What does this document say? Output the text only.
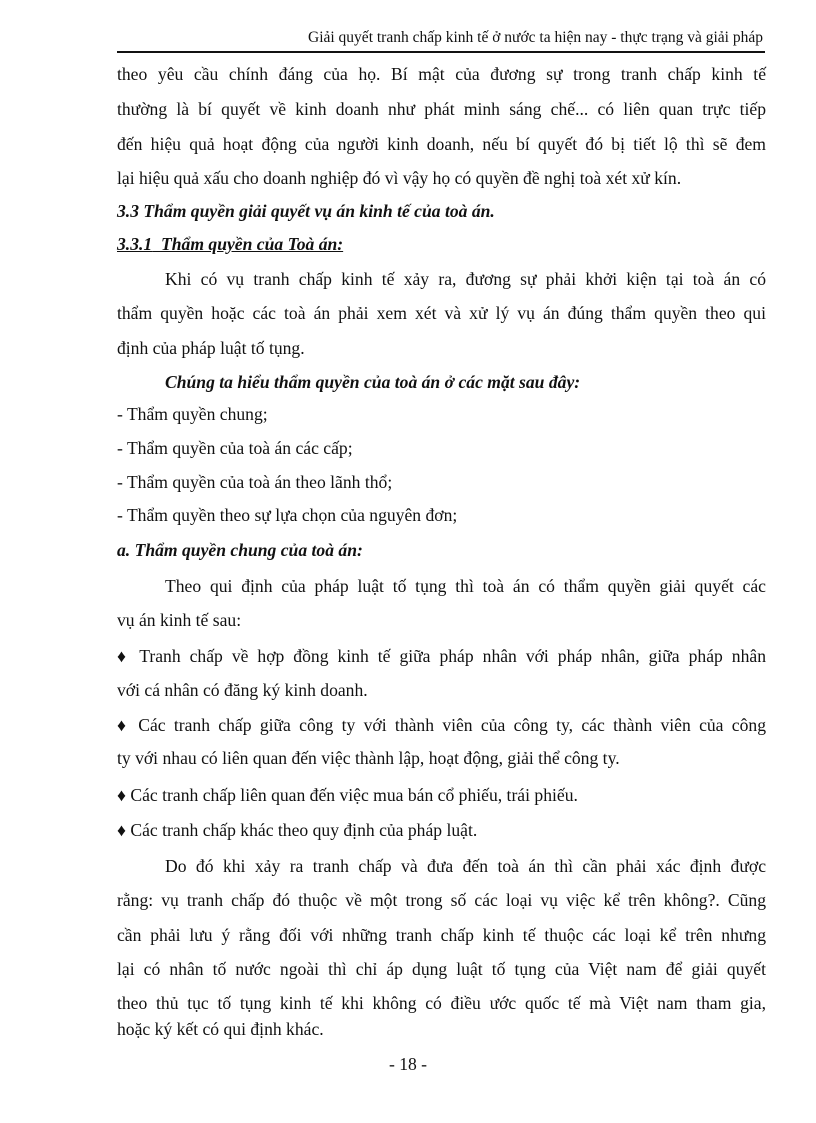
Giải quyết tranh chấp kinh tế ở nước ta hiện nay - thực trạng và giải pháp
theo yêu cầu chính đáng của họ. Bí mật của đương sự trong tranh chấp kinh tế
thường là bí quyết về kinh doanh như phát minh sáng chế... có liên quan trực tiếp
đến hiệu quả hoạt động của người kinh doanh, nếu bí quyết đó bị tiết lộ thì sẽ đem
lại hiệu quả xấu cho doanh nghiệp đó vì vậy họ có quyền đề nghị toà xét xử kín.
3.3 Thẩm quyền giải quyết vụ án kinh tế của toà án.
3.3.1 Thẩm quyền của Toà án:
Khi có vụ tranh chấp kinh tế xảy ra, đương sự phải khởi kiện tại toà án có
thẩm quyền hoặc các toà án phải xem xét và xử lý vụ án đúng thẩm quyền theo qui
định của pháp luật tố tụng.
Chúng ta hiểu thẩm quyền của toà án ở các mặt sau đây:
- Thẩm quyền chung;
- Thẩm quyền của toà án các cấp;
- Thẩm quyền của toà án theo lãnh thổ;
- Thẩm quyền theo sự lựa chọn của nguyên đơn;
a. Thẩm quyền chung của toà án:
Theo qui định của pháp luật tố tụng thì toà án có thẩm quyền giải quyết các
vụ án kinh tế sau:
♦ Tranh chấp về hợp đồng kinh tế giữa pháp nhân với pháp nhân, giữa pháp nhân
với cá nhân có đăng ký kinh doanh.
♦ Các tranh chấp giữa công ty với thành viên của công ty, các thành viên của công
ty với nhau có liên quan đến việc thành lập, hoạt động, giải thể công ty.
♦ Các tranh chấp liên quan đến việc mua bán cổ phiếu, trái phiếu.
♦ Các tranh chấp khác theo quy định của pháp luật.
Do đó khi xảy ra tranh chấp và đưa đến toà án thì cần phải xác định được
rằng: vụ tranh chấp đó thuộc về một trong số các loại vụ việc kể trên không?. Cũng
cần phải lưu ý rằng đối với những tranh chấp kinh tế thuộc các loại kể trên nhưng
lại có nhân tố nước ngoài thì chỉ áp dụng luật tố tụng của Việt nam để giải quyết
theo thủ tục tố tụng kinh tế khi không có điều ước quốc tế mà Việt nam tham gia,
hoặc ký kết có qui định khác.
- 18 -
